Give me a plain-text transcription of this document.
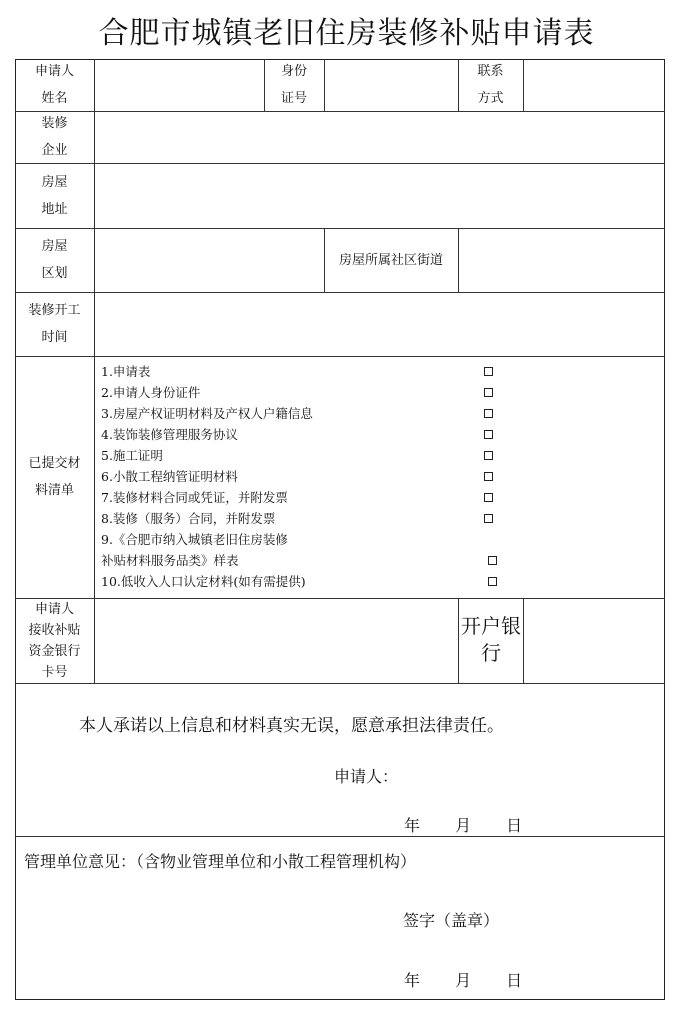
合肥市城镇老旧住房装修补贴申请表
申请人
姓名
身份
证号
联系
方式
装修
企业
房屋
地址
房屋
区划
房屋所属社区街道
装修开工
时间
已提交材
料清单
1.申请表
2.申请人身份证件
3.房屋产权证明材料及产权人户籍信息
4.装饰装修管理服务协议
5.施工证明
6.小散工程纳管证明材料
7.装修材料合同或凭证，并附发票
8.装修（服务）合同，并附发票
9.《合肥市纳入城镇老旧住房装修
补贴材料服务品类》样表
10.低收入人口认定材料(如有需提供)
申请人
接收补贴
资金银行
卡号
开户银行
本人承诺以上信息和材料真实无误，愿意承担法律责任。
申请人：
年 月 日
管理单位意见：（含物业管理单位和小散工程管理机构）
签字（盖章）
年 月 日
